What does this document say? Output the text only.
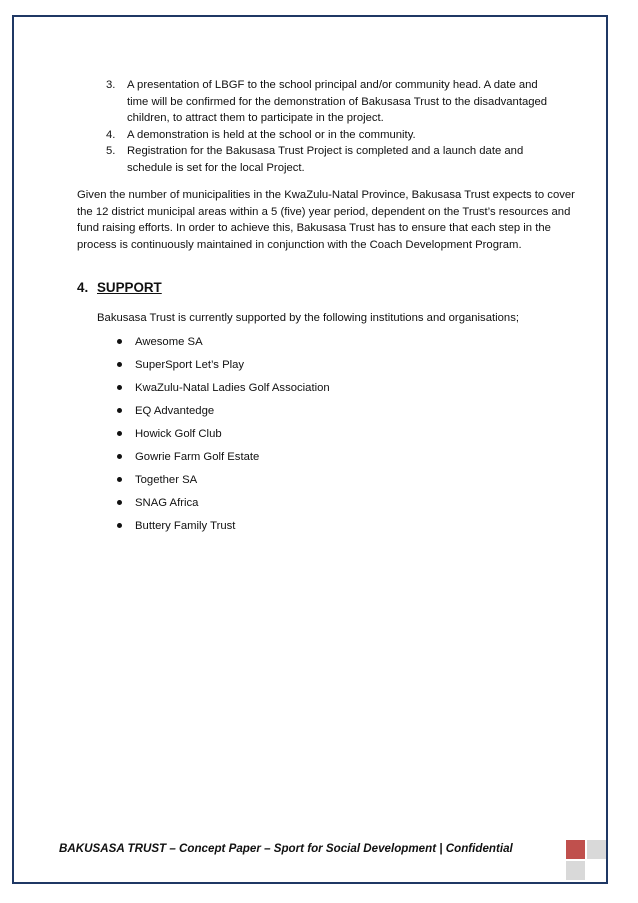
3. A presentation of LBGF to the school principal and/or community head. A date and time will be confirmed for the demonstration of Bakusasa Trust to the disadvantaged children, to attract them to participate in the project.
4. A demonstration is held at the school or in the community.
5. Registration for the Bakusasa Trust Project is completed and a launch date and schedule is set for the local Project.

Given the number of municipalities in the KwaZulu-Natal Province, Bakusasa Trust expects to cover the 12 district municipal areas within a 5 (five) year period, dependent on the Trust’s resources and fund raising efforts. In order to achieve this, Bakusasa Trust has to ensure that each step in the process is continuously maintained in conjunction with the Coach Development Program.

4. SUPPORT
Bakusasa Trust is currently supported by the following institutions and organisations;
Awesome SA
SuperSport Let’s Play
KwaZulu-Natal Ladies Golf Association
EQ Advantedge
Howick Golf Club
Gowrie Farm Golf Estate
Together SA
SNAG Africa
Buttery Family Trust
BAKUSASA TRUST – Concept Paper – Sport for Social Development | Confidential
